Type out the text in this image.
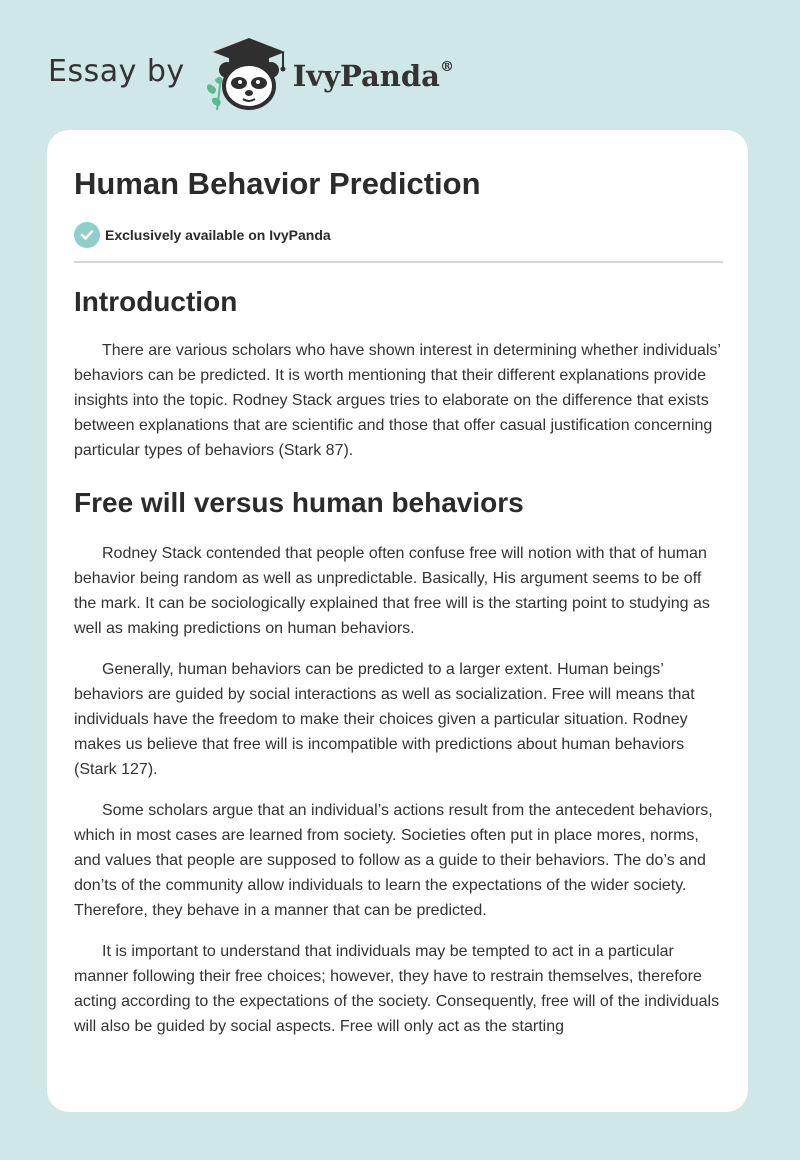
Essay by	IvyPanda®
Human Behavior Prediction
Exclusively available on IvyPanda
Introduction

There are various scholars who have shown interest in determining whether individuals’ behaviors can be predicted. It is worth mentioning that their different explanations provide insights into the topic. Rodney Stack argues tries to elaborate on the difference that exists between explanations that are scientific and those that offer casual justification concerning particular types of behaviors (Stark 87).

Free will versus human behaviors

Rodney Stack contended that people often confuse free will notion with that of human behavior being random as well as unpredictable. Basically, His argument seems to be off the mark. It can be sociologically explained that free will is the starting point to studying as well as making predictions on human behaviors.

Generally, human behaviors can be predicted to a larger extent. Human beings’ behaviors are guided by social interactions as well as socialization. Free will means that individuals have the freedom to make their choices given a particular situation. Rodney makes us believe that free will is incompatible with predictions about human behaviors (Stark 127).

Some scholars argue that an individual’s actions result from the antecedent behaviors, which in most cases are learned from society. Societies often put in place mores, norms, and values that people are supposed to follow as a guide to their behaviors. The do’s and don’ts of the community allow individuals to learn the expectations of the wider society. Therefore, they behave in a manner that can be predicted.

It is important to understand that individuals may be tempted to act in a particular manner following their free choices; however, they have to restrain themselves, therefore acting according to the expectations of the society. Consequently, free will of the individuals will also be guided by social aspects. Free will only act as the starting
